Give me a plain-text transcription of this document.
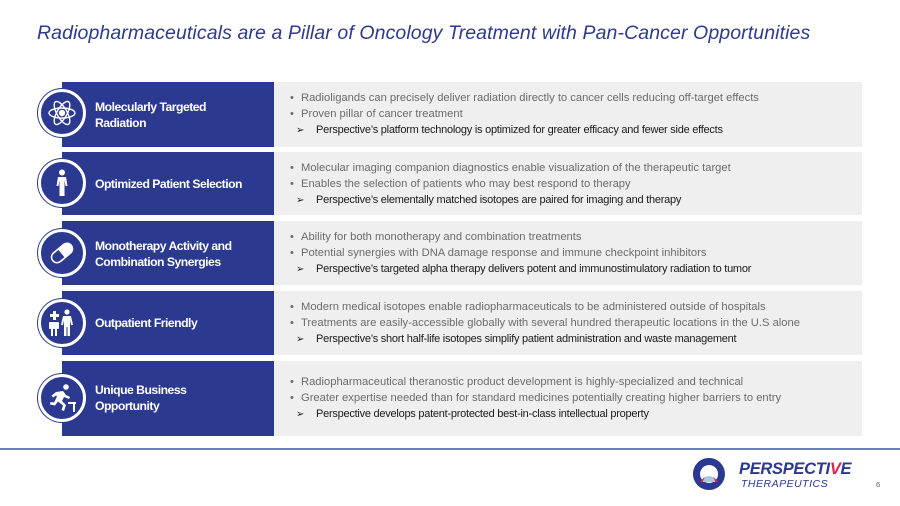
Radiopharmaceuticals are a Pillar of Oncology Treatment with Pan-Cancer Opportunities
Molecularly Targeted
Radiation
• Radioligands can precisely deliver radiation directly to cancer cells reducing off-target effects
• Proven pillar of cancer treatment
➢ Perspective’s platform technology is optimized for greater efficacy and fewer side effects
Optimized Patient Selection
• Molecular imaging companion diagnostics enable visualization of the therapeutic target
• Enables the selection of patients who may best respond to therapy
➢ Perspective’s elementally matched isotopes are paired for imaging and therapy
Monotherapy Activity and
Combination Synergies
• Ability for both monotherapy and combination treatments
• Potential synergies with DNA damage response and immune checkpoint inhibitors
➢ Perspective’s targeted alpha therapy delivers potent and immunostimulatory radiation to tumor
Outpatient Friendly
• Modern medical isotopes enable radiopharmaceuticals to be administered outside of hospitals
• Treatments are easily-accessible globally with several hundred therapeutic locations in the U.S alone
➢ Perspective’s short half-life isotopes simplify patient administration and waste management
Unique Business
Opportunity
• Radiopharmaceutical theranostic product development is highly-specialized and technical
• Greater expertise needed than for standard medicines potentially creating higher barriers to entry
➢ Perspective develops patent-protected best-in-class intellectual property
PERSPECTIVE
THERAPEUTICS	6
